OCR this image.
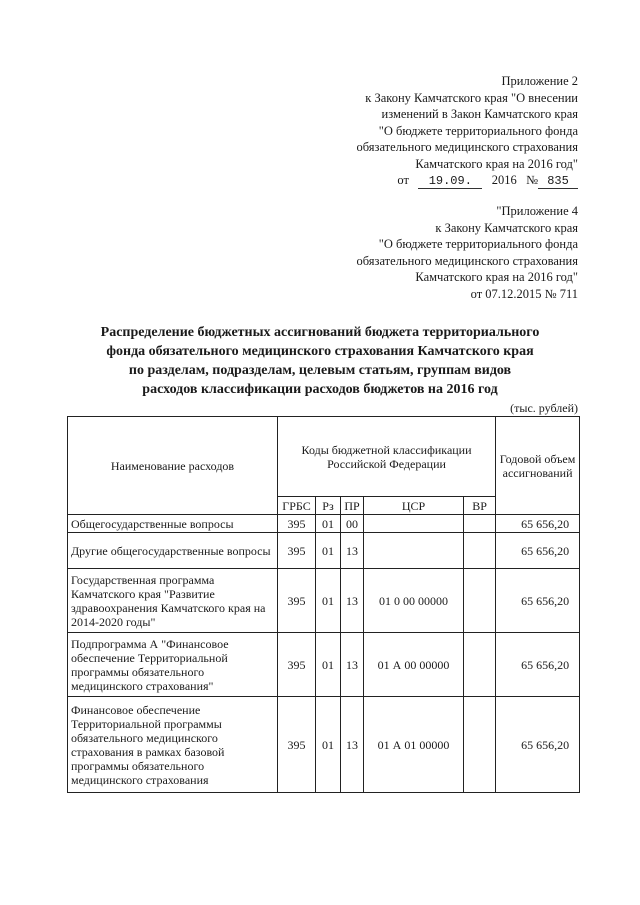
Приложение 2
к Закону Камчатского края "О внесении
изменений в Закон Камчатского края
"О бюджете территориального фонда
обязательного медицинского страхования
Камчатского края на 2016 год"
от 19.09. 2016 № 835
"Приложение 4
к Закону Камчатского края
"О бюджете территориального фонда
обязательного медицинского страхования
Камчатского края на 2016 год"
от 07.12.2015 № 711
Распределение бюджетных ассигнований бюджета территориального
фонда обязательного медицинского страхования Камчатского края
по разделам, подразделам, целевым статьям, группам видов
расходов классификации расходов бюджетов на 2016 год
(тыс. рублей)
Наименование расходов	Коды бюджетной классификации Российской Федерации					Годовой объем ассигнований
	ГРБС	Рз	ПР	ЦСР	ВР	
Общегосударственные вопросы	395	01	00			65 656,20
Другие общегосударственные вопросы	395	01	13			65 656,20
Государственная программа Камчатского края "Развитие здравоохранения Камчатского края на 2014-2020 годы"	395	01	13	01 0 00 00000		65 656,20
Подпрограмма А "Финансовое обеспечение Территориальной программы обязательного медицинского страхования"	395	01	13	01 А 00 00000		65 656,20
Финансовое обеспечение Территориальной программы обязательного медицинского страхования в рамках базовой программы обязательного медицинского страхования	395	01	13	01 А 01 00000		65 656,20
